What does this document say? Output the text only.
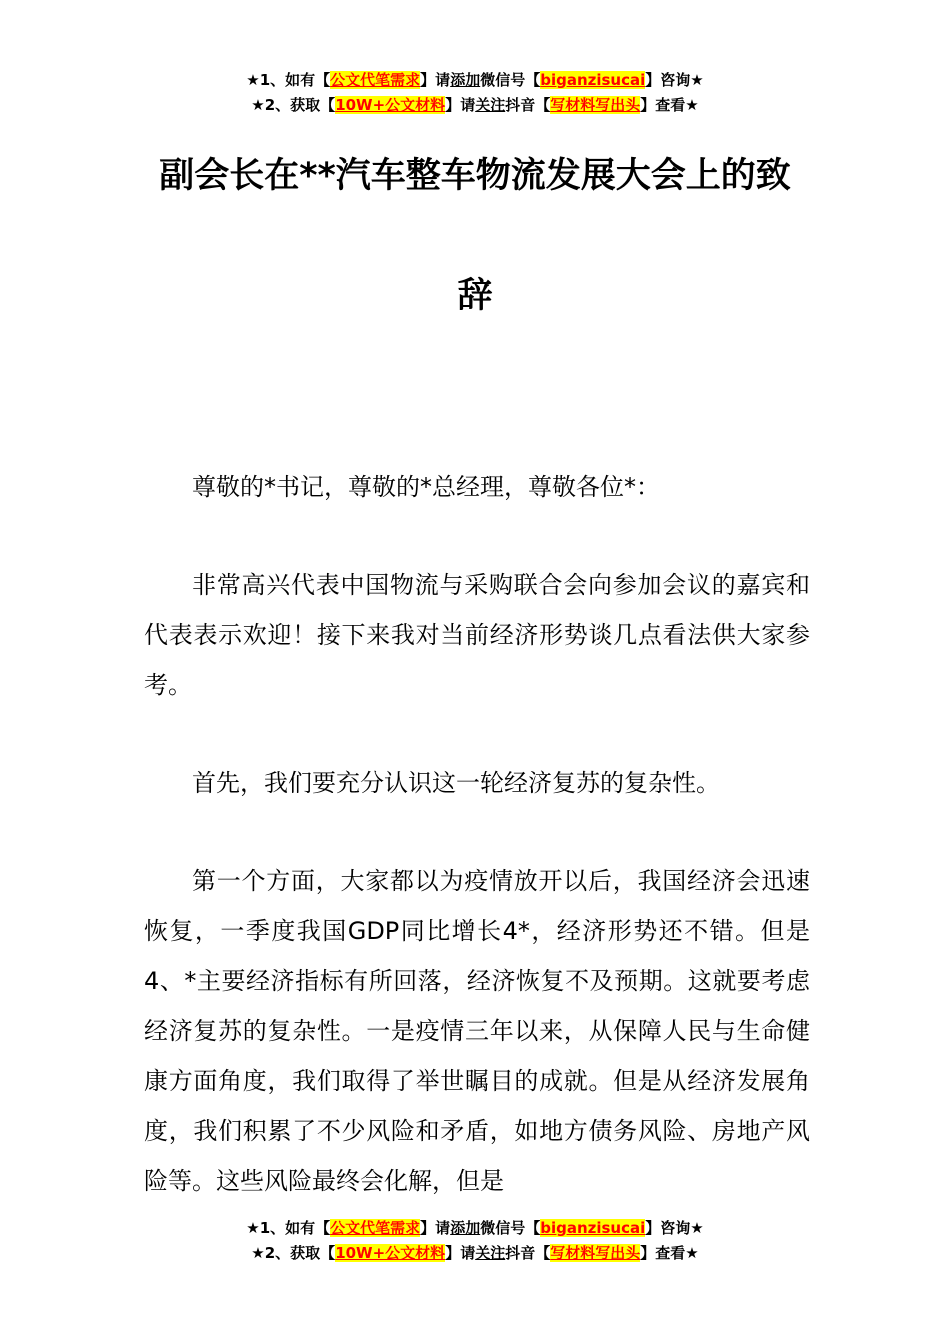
★1、如有【公文代笔需求】请添加微信号【biganzisucai】咨询★
★2、获取【10W+公文材料】请关注抖音【写材料写出头】查看★
副会长在**汽车整车物流发展大会上的致
辞

尊敬的*书记，尊敬的*总经理，尊敬各位*：

非常高兴代表中国物流与采购联合会向参加会议的嘉宾和代表表示欢迎！接下来我对当前经济形势谈几点看法供大家参考。

首先，我们要充分认识这一轮经济复苏的复杂性。

第一个方面，大家都以为疫情放开以后，我国经济会迅速恢复，一季度我国GDP同比增长4*，经济形势还不错。但是4、*主要经济指标有所回落，经济恢复不及预期。这就要考虑经济复苏的复杂性。一是疫情三年以来，从保障人民与生命健康方面角度，我们取得了举世瞩目的成就。但是从经济发展角度，我们积累了不少风险和矛盾，如地方债务风险、房地产风险等。这些风险最终会化解，但是

★1、如有【公文代笔需求】请添加微信号【biganzisucai】咨询★
★2、获取【10W+公文材料】请关注抖音【写材料写出头】查看★
